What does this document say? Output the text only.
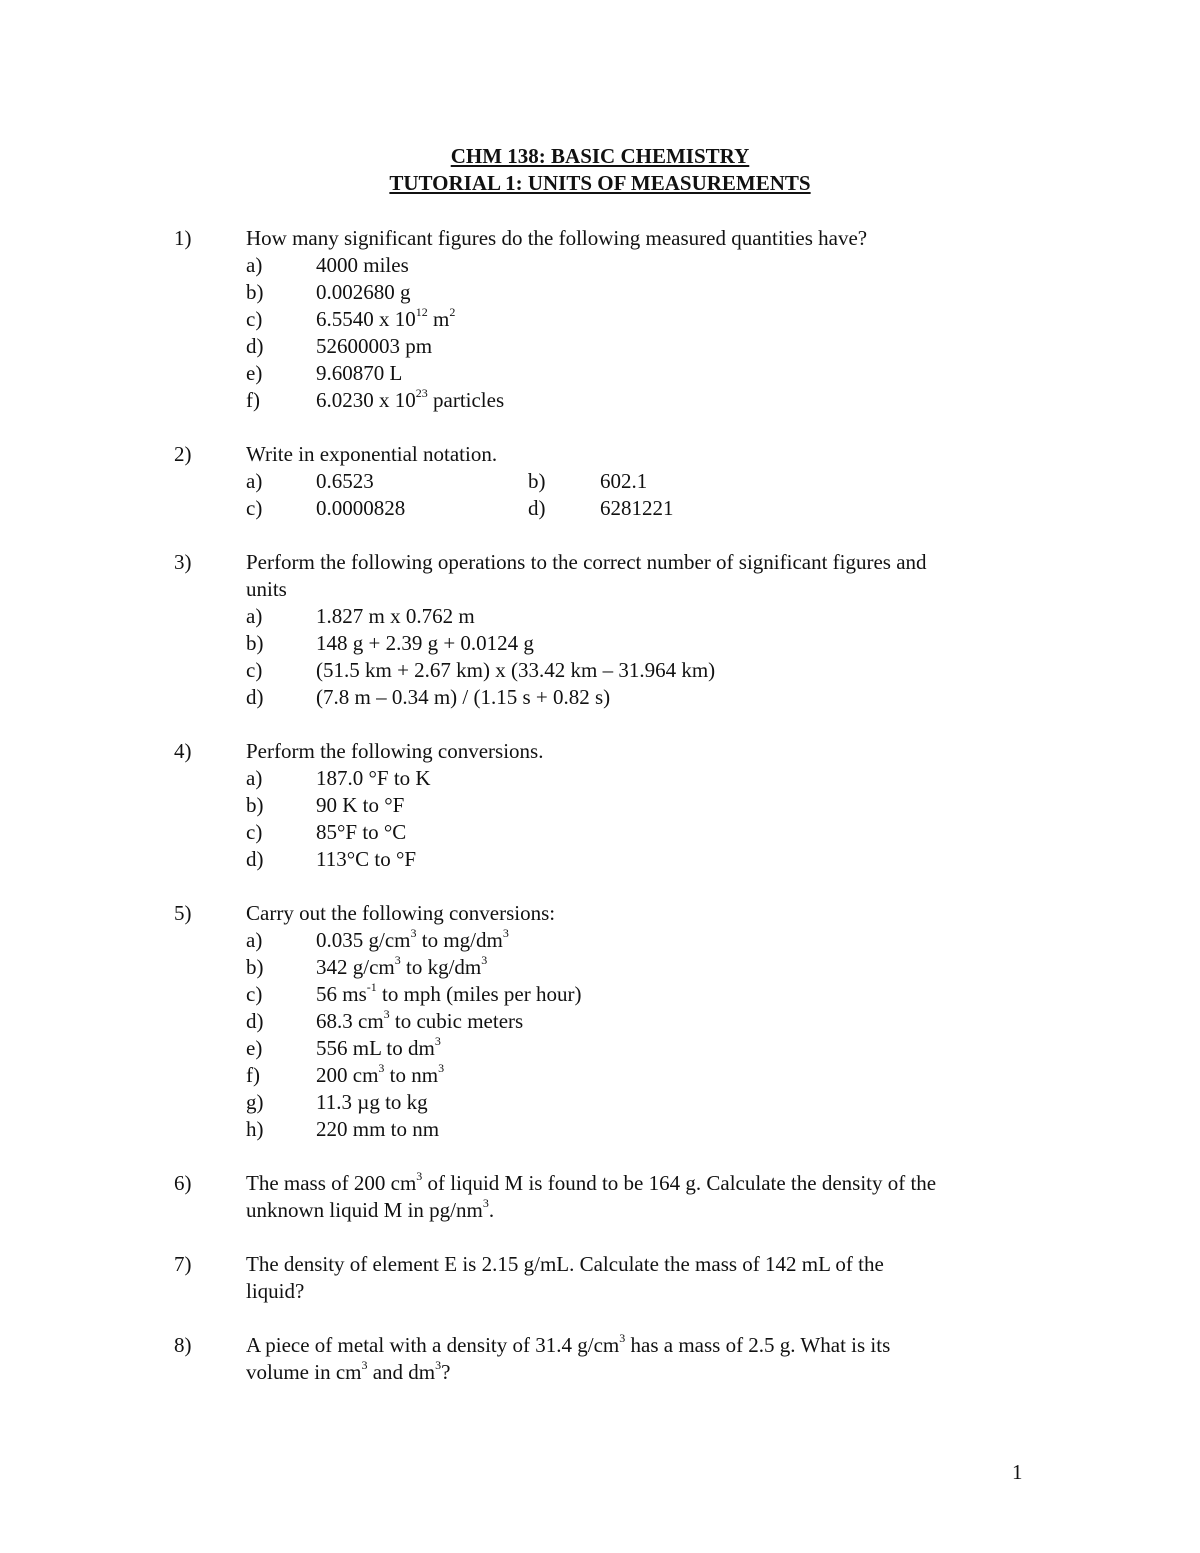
CHM 138: BASIC CHEMISTRY
TUTORIAL 1: UNITS OF MEASUREMENTS
1)	How many significant figures do the following measured quantities have?
a)	4000 miles
b)	0.002680 g
c)	6.5540 x $10^{12}$ $m^2$
d)	52600003 pm
e)	9.60870 L
f)	6.0230 x $10^{23}$ particles
2)	Write in exponential notation.
a)	0.6523	b)	602.1
c)	0.0000828	d)	6281221
3)	Perform the following operations to the correct number of significant figures and
units
a)	1.827 m x 0.762 m
b)	148 g + 2.39 g + 0.0124 g
c)	(51.5 km + 2.67 km) x (33.42 km – 31.964 km)
d)	(7.8 m – 0.34 m) / (1.15 s + 0.82 s)
4)	Perform the following conversions.
a)	187.0 °F to K
b)	90 K to °F
c)	85°F to °C
d)	113°C to °F
5)	Carry out the following conversions:
a)	0.035 $g/cm^3$ to $mg/dm^3$
b)	342 $g/cm^3$ to $kg/dm^3$
c)	56 $ms^{-1}$ to mph (miles per hour)
d)	68.3 $cm^3$ to cubic meters
e)	556 mL to $dm^3$
f)	200 $cm^3$ to $nm^3$
g)	11.3 µg to kg
h)	220 mm to nm
6)	The mass of 200 $cm^3$ of liquid M is found to be 164 g. Calculate the density of the
unknown liquid M in $pg/nm^3$.
7)	The density of element E is 2.15 g/mL. Calculate the mass of 142 mL of the
liquid?
8)	A piece of metal with a density of 31.4 $g/cm^3$ has a mass of 2.5 g. What is its
volume in $cm^3$ and $dm^3$?
1
